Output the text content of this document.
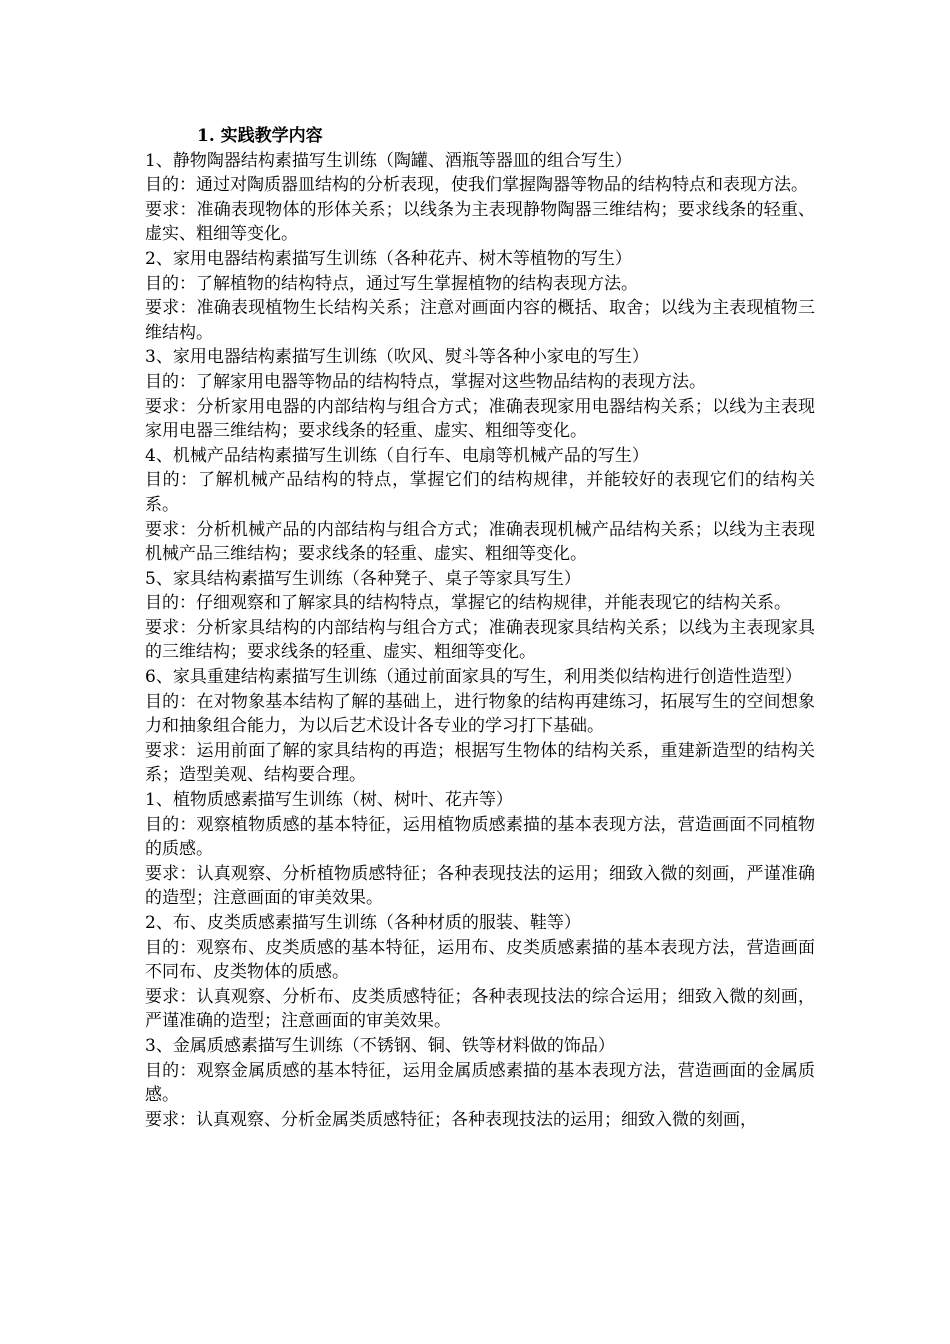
1. 实践教学内容

1、静物陶器结构素描写生训练（陶罐、酒瓶等器皿的组合写生）

目的：通过对陶质器皿结构的分析表现，使我们掌握陶器等物品的结构特点和表现方法。

要求：准确表现物体的形体关系；以线条为主表现静物陶器三维结构；要求线条的轻重、虚实、粗细等变化。

2、家用电器结构素描写生训练（各种花卉、树木等植物的写生）

目的：了解植物的结构特点，通过写生掌握植物的结构表现方法。

要求：准确表现植物生长结构关系；注意对画面内容的概括、取舍；以线为主表现植物三维结构。

3、家用电器结构素描写生训练（吹风、熨斗等各种小家电的写生）

目的：了解家用电器等物品的结构特点，掌握对这些物品结构的表现方法。

要求：分析家用电器的内部结构与组合方式；准确表现家用电器结构关系；以线为主表现家用电器三维结构；要求线条的轻重、虚实、粗细等变化。

4、机械产品结构素描写生训练（自行车、电扇等机械产品的写生）

目的：了解机械产品结构的特点，掌握它们的结构规律，并能较好的表现它们的结构关系。

要求：分析机械产品的内部结构与组合方式；准确表现机械产品结构关系；以线为主表现机械产品三维结构；要求线条的轻重、虚实、粗细等变化。

5、家具结构素描写生训练（各种凳子、桌子等家具写生）

目的：仔细观察和了解家具的结构特点，掌握它的结构规律，并能表现它的结构关系。

要求：分析家具结构的内部结构与组合方式；准确表现家具结构关系；以线为主表现家具的三维结构；要求线条的轻重、虚实、粗细等变化。

6、家具重建结构素描写生训练（通过前面家具的写生，利用类似结构进行创造性造型）

目的：在对物象基本结构了解的基础上，进行物象的结构再建练习，拓展写生的空间想象力和抽象组合能力，为以后艺术设计各专业的学习打下基础。

要求：运用前面了解的家具结构的再造；根据写生物体的结构关系，重建新造型的结构关系；造型美观、结构要合理。

1、植物质感素描写生训练（树、树叶、花卉等）

目的：观察植物质感的基本特征，运用植物质感素描的基本表现方法，营造画面不同植物的质感。

要求：认真观察、分析植物质感特征；各种表现技法的运用；细致入微的刻画，严谨准确的造型；注意画面的审美效果。

2、布、皮类质感素描写生训练（各种材质的服装、鞋等）

目的：观察布、皮类质感的基本特征，运用布、皮类质感素描的基本表现方法，营造画面不同布、皮类物体的质感。

要求：认真观察、分析布、皮类质感特征；各种表现技法的综合运用；细致入微的刻画，严谨准确的造型；注意画面的审美效果。

3、金属质感素描写生训练（不锈钢、铜、铁等材料做的饰品）

目的：观察金属质感的基本特征，运用金属质感素描的基本表现方法，营造画面的金属质感。

要求：认真观察、分析金属类质感特征；各种表现技法的运用；细致入微的刻画，
